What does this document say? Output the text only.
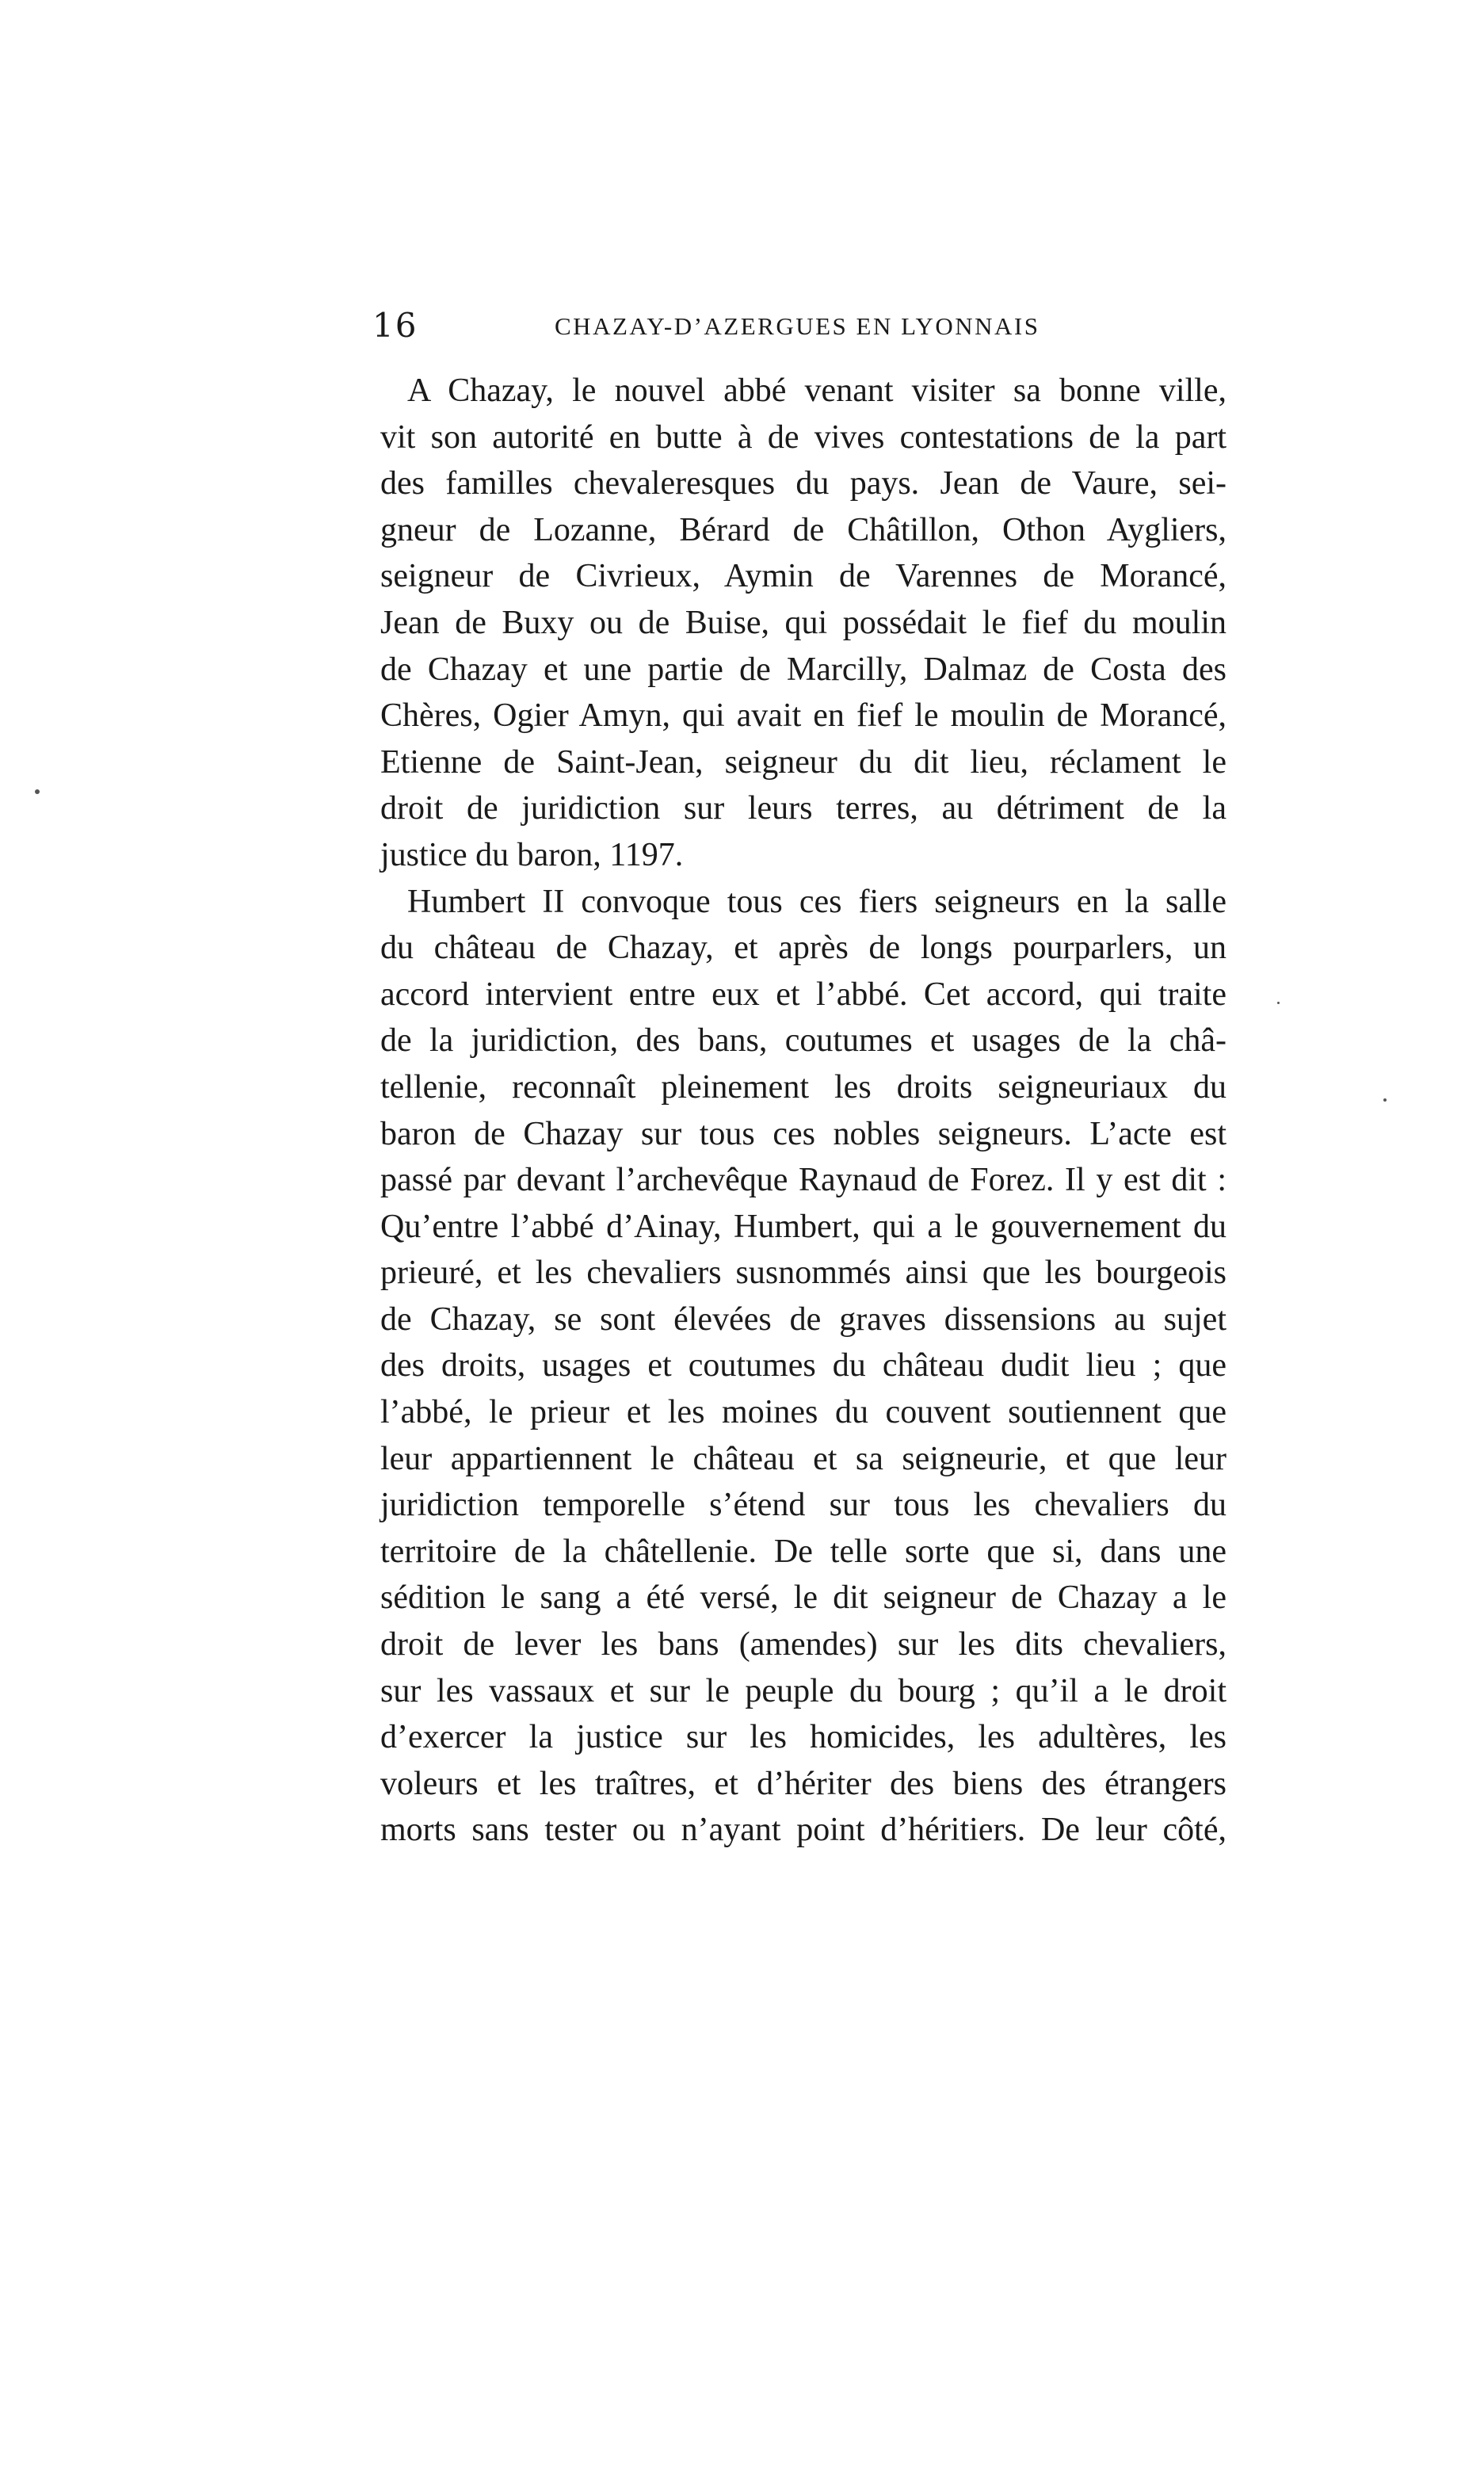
16	CHAZAY-D’AZERGUES EN LYONNAIS
A Chazay, le nouvel abbé venant visiter sa bonne ville,
vit son autorité en butte à de vives contestations de la part
des familles chevaleresques du pays. Jean de Vaure, sei-
gneur de Lozanne, Bérard de Châtillon, Othon Aygliers,
seigneur de Civrieux, Aymin de Varennes de Morancé,
Jean de Buxy ou de Buise, qui possédait le fief du moulin
de Chazay et une partie de Marcilly, Dalmaz de Costa des
Chères, Ogier Amyn, qui avait en fief le moulin de Morancé,
Etienne de Saint-Jean, seigneur du dit lieu, réclament le
droit de juridiction sur leurs terres, au détriment de la
justice du baron, 1197.
Humbert II convoque tous ces fiers seigneurs en la salle
du château de Chazay, et après de longs pourparlers, un
accord intervient entre eux et l’abbé. Cet accord, qui traite
de la juridiction, des bans, coutumes et usages de la châ-
tellenie, reconnaît pleinement les droits seigneuriaux du
baron de Chazay sur tous ces nobles seigneurs. L’acte est
passé par devant l’archevêque Raynaud de Forez. Il y est dit :
Qu’entre l’abbé d’Ainay, Humbert, qui a le gouvernement du
prieuré, et les chevaliers susnommés ainsi que les bourgeois
de Chazay, se sont élevées de graves dissensions au sujet
des droits, usages et coutumes du château dudit lieu ; que
l’abbé, le prieur et les moines du couvent soutiennent que
leur appartiennent le château et sa seigneurie, et que leur
juridiction temporelle s’étend sur tous les chevaliers du
territoire de la châtellenie. De telle sorte que si, dans une
sédition le sang a été versé, le dit seigneur de Chazay a le
droit de lever les bans (amendes) sur les dits chevaliers,
sur les vassaux et sur le peuple du bourg ; qu’il a le droit
d’exercer la justice sur les homicides, les adultères, les
voleurs et les traîtres, et d’hériter des biens des étrangers
morts sans tester ou n’ayant point d’héritiers. De leur côté,
